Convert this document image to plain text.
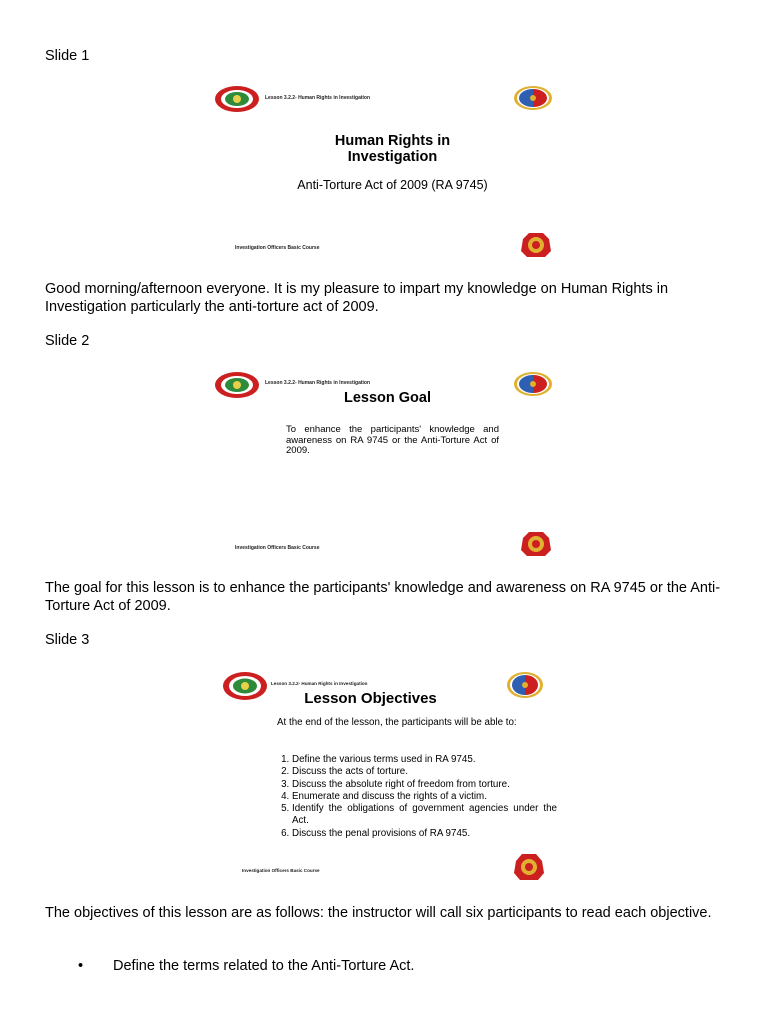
Slide 1
Lesson 3.2.2- Human Rights in Investigation
Human Rights in Investigation
Anti-Torture Act of 2009 (RA 9745)
Investigation Officers Basic Course
Good morning/afternoon everyone. It is my pleasure to impart my knowledge on Human Rights in Investigation particularly the anti-torture act of 2009.
Slide 2
Lesson 3.2.2- Human Rights in Investigation
Lesson Goal
To enhance the participants' knowledge and awareness on RA 9745 or the Anti-Torture Act of 2009.
Investigation Officers Basic Course
The goal for this lesson is to enhance the participants' knowledge and awareness on RA 9745 or the Anti-Torture Act of 2009.
Slide 3
Lesson 3.2.2- Human Rights in Investigation
Lesson Objectives
At the end of the lesson, the participants will be able to:
1. Define the various terms used in RA 9745.
2. Discuss the acts of torture.
3. Discuss the absolute right of freedom from torture.
4. Enumerate and discuss the rights of a victim.
5. Identify the obligations of government agencies under the Act.
6. Discuss the penal provisions of RA 9745.
Investigation Officers Basic Course
The objectives of this lesson are as follows: the instructor will call six participants to read each objective.
• Define the terms related to the Anti-Torture Act.
